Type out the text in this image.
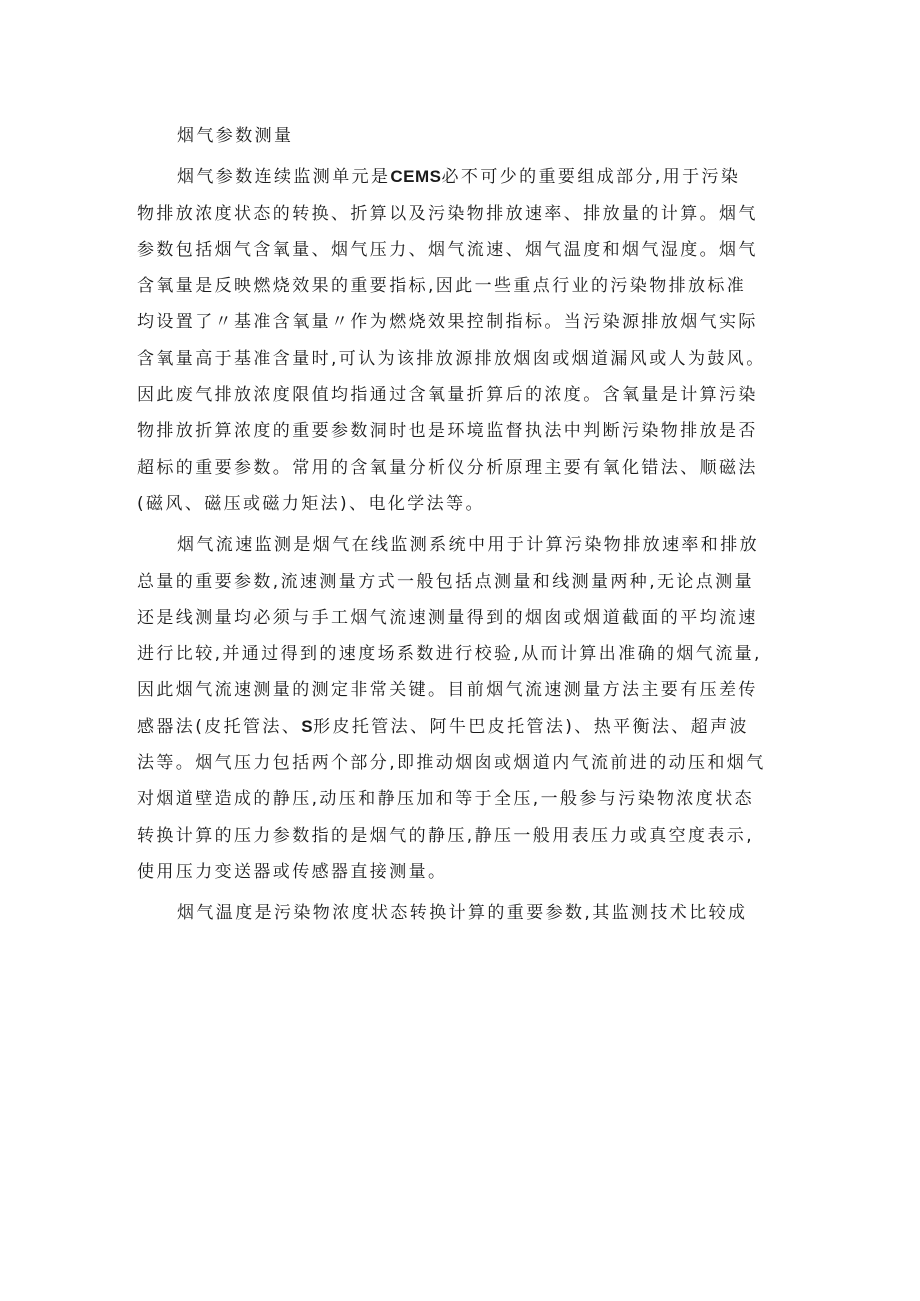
烟气参数测量
烟气参数连续监测单元是CEMS必不可少的重要组成部分,用于污染
物排放浓度状态的转换、折算以及污染物排放速率、排放量的计算。烟气
参数包括烟气含氧量、烟气压力、烟气流速、烟气温度和烟气湿度。烟气
含氧量是反映燃烧效果的重要指标,因此一些重点行业的污染物排放标准
均设置了〃基准含氧量〃作为燃烧效果控制指标。当污染源排放烟气实际
含氧量高于基准含量时,可认为该排放源排放烟囱或烟道漏风或人为鼓风。
因此废气排放浓度限值均指通过含氧量折算后的浓度。含氧量是计算污染
物排放折算浓度的重要参数洞时也是环境监督执法中判断污染物排放是否
超标的重要参数。常用的含氧量分析仪分析原理主要有氧化错法、顺磁法
(磁风、磁压或磁力矩法)、电化学法等。
烟气流速监测是烟气在线监测系统中用于计算污染物排放速率和排放
总量的重要参数,流速测量方式一般包括点测量和线测量两种,无论点测量
还是线测量均必须与手工烟气流速测量得到的烟囱或烟道截面的平均流速
进行比较,并通过得到的速度场系数进行校验,从而计算出准确的烟气流量,
因此烟气流速测量的测定非常关键。目前烟气流速测量方法主要有压差传
感器法(皮托管法、S形皮托管法、阿牛巴皮托管法)、热平衡法、超声波
法等。烟气压力包括两个部分,即推动烟囱或烟道内气流前进的动压和烟气
对烟道壁造成的静压,动压和静压加和等于全压,一般参与污染物浓度状态
转换计算的压力参数指的是烟气的静压,静压一般用表压力或真空度表示,
使用压力变送器或传感器直接测量。
烟气温度是污染物浓度状态转换计算的重要参数,其监测技术比较成
